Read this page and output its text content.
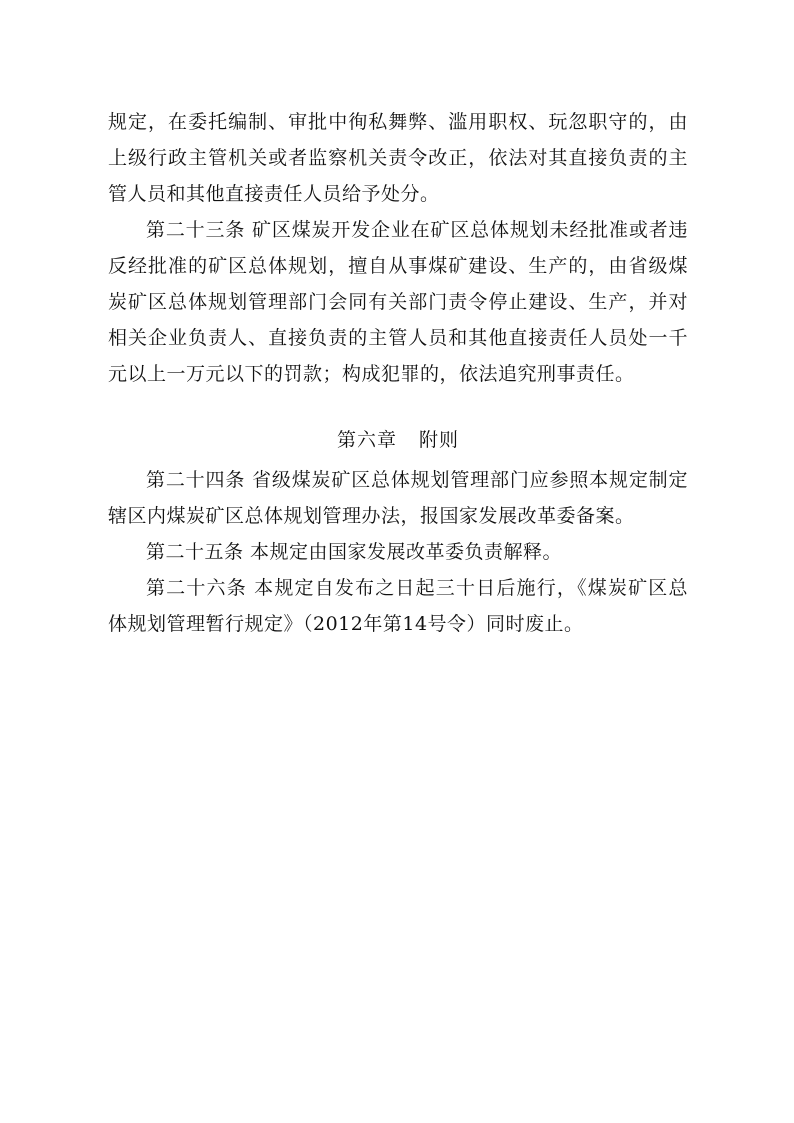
规定，在委托编制、审批中徇私舞弊、滥用职权、玩忽职守的，由上级行政主管机关或者监察机关责令改正，依法对其直接负责的主管人员和其他直接责任人员给予处分。

第二十三条 矿区煤炭开发企业在矿区总体规划未经批准或者违反经批准的矿区总体规划，擅自从事煤矿建设、生产的，由省级煤炭矿区总体规划管理部门会同有关部门责令停止建设、生产，并对相关企业负责人、直接负责的主管人员和其他直接责任人员处一千元以上一万元以下的罚款；构成犯罪的，依法追究刑事责任。

第六章 附则

第二十四条 省级煤炭矿区总体规划管理部门应参照本规定制定辖区内煤炭矿区总体规划管理办法，报国家发展改革委备案。

第二十五条 本规定由国家发展改革委负责解释。

第二十六条 本规定自发布之日起三十日后施行，《煤炭矿区总体规划管理暂行规定》（2012年第14号令）同时废止。
